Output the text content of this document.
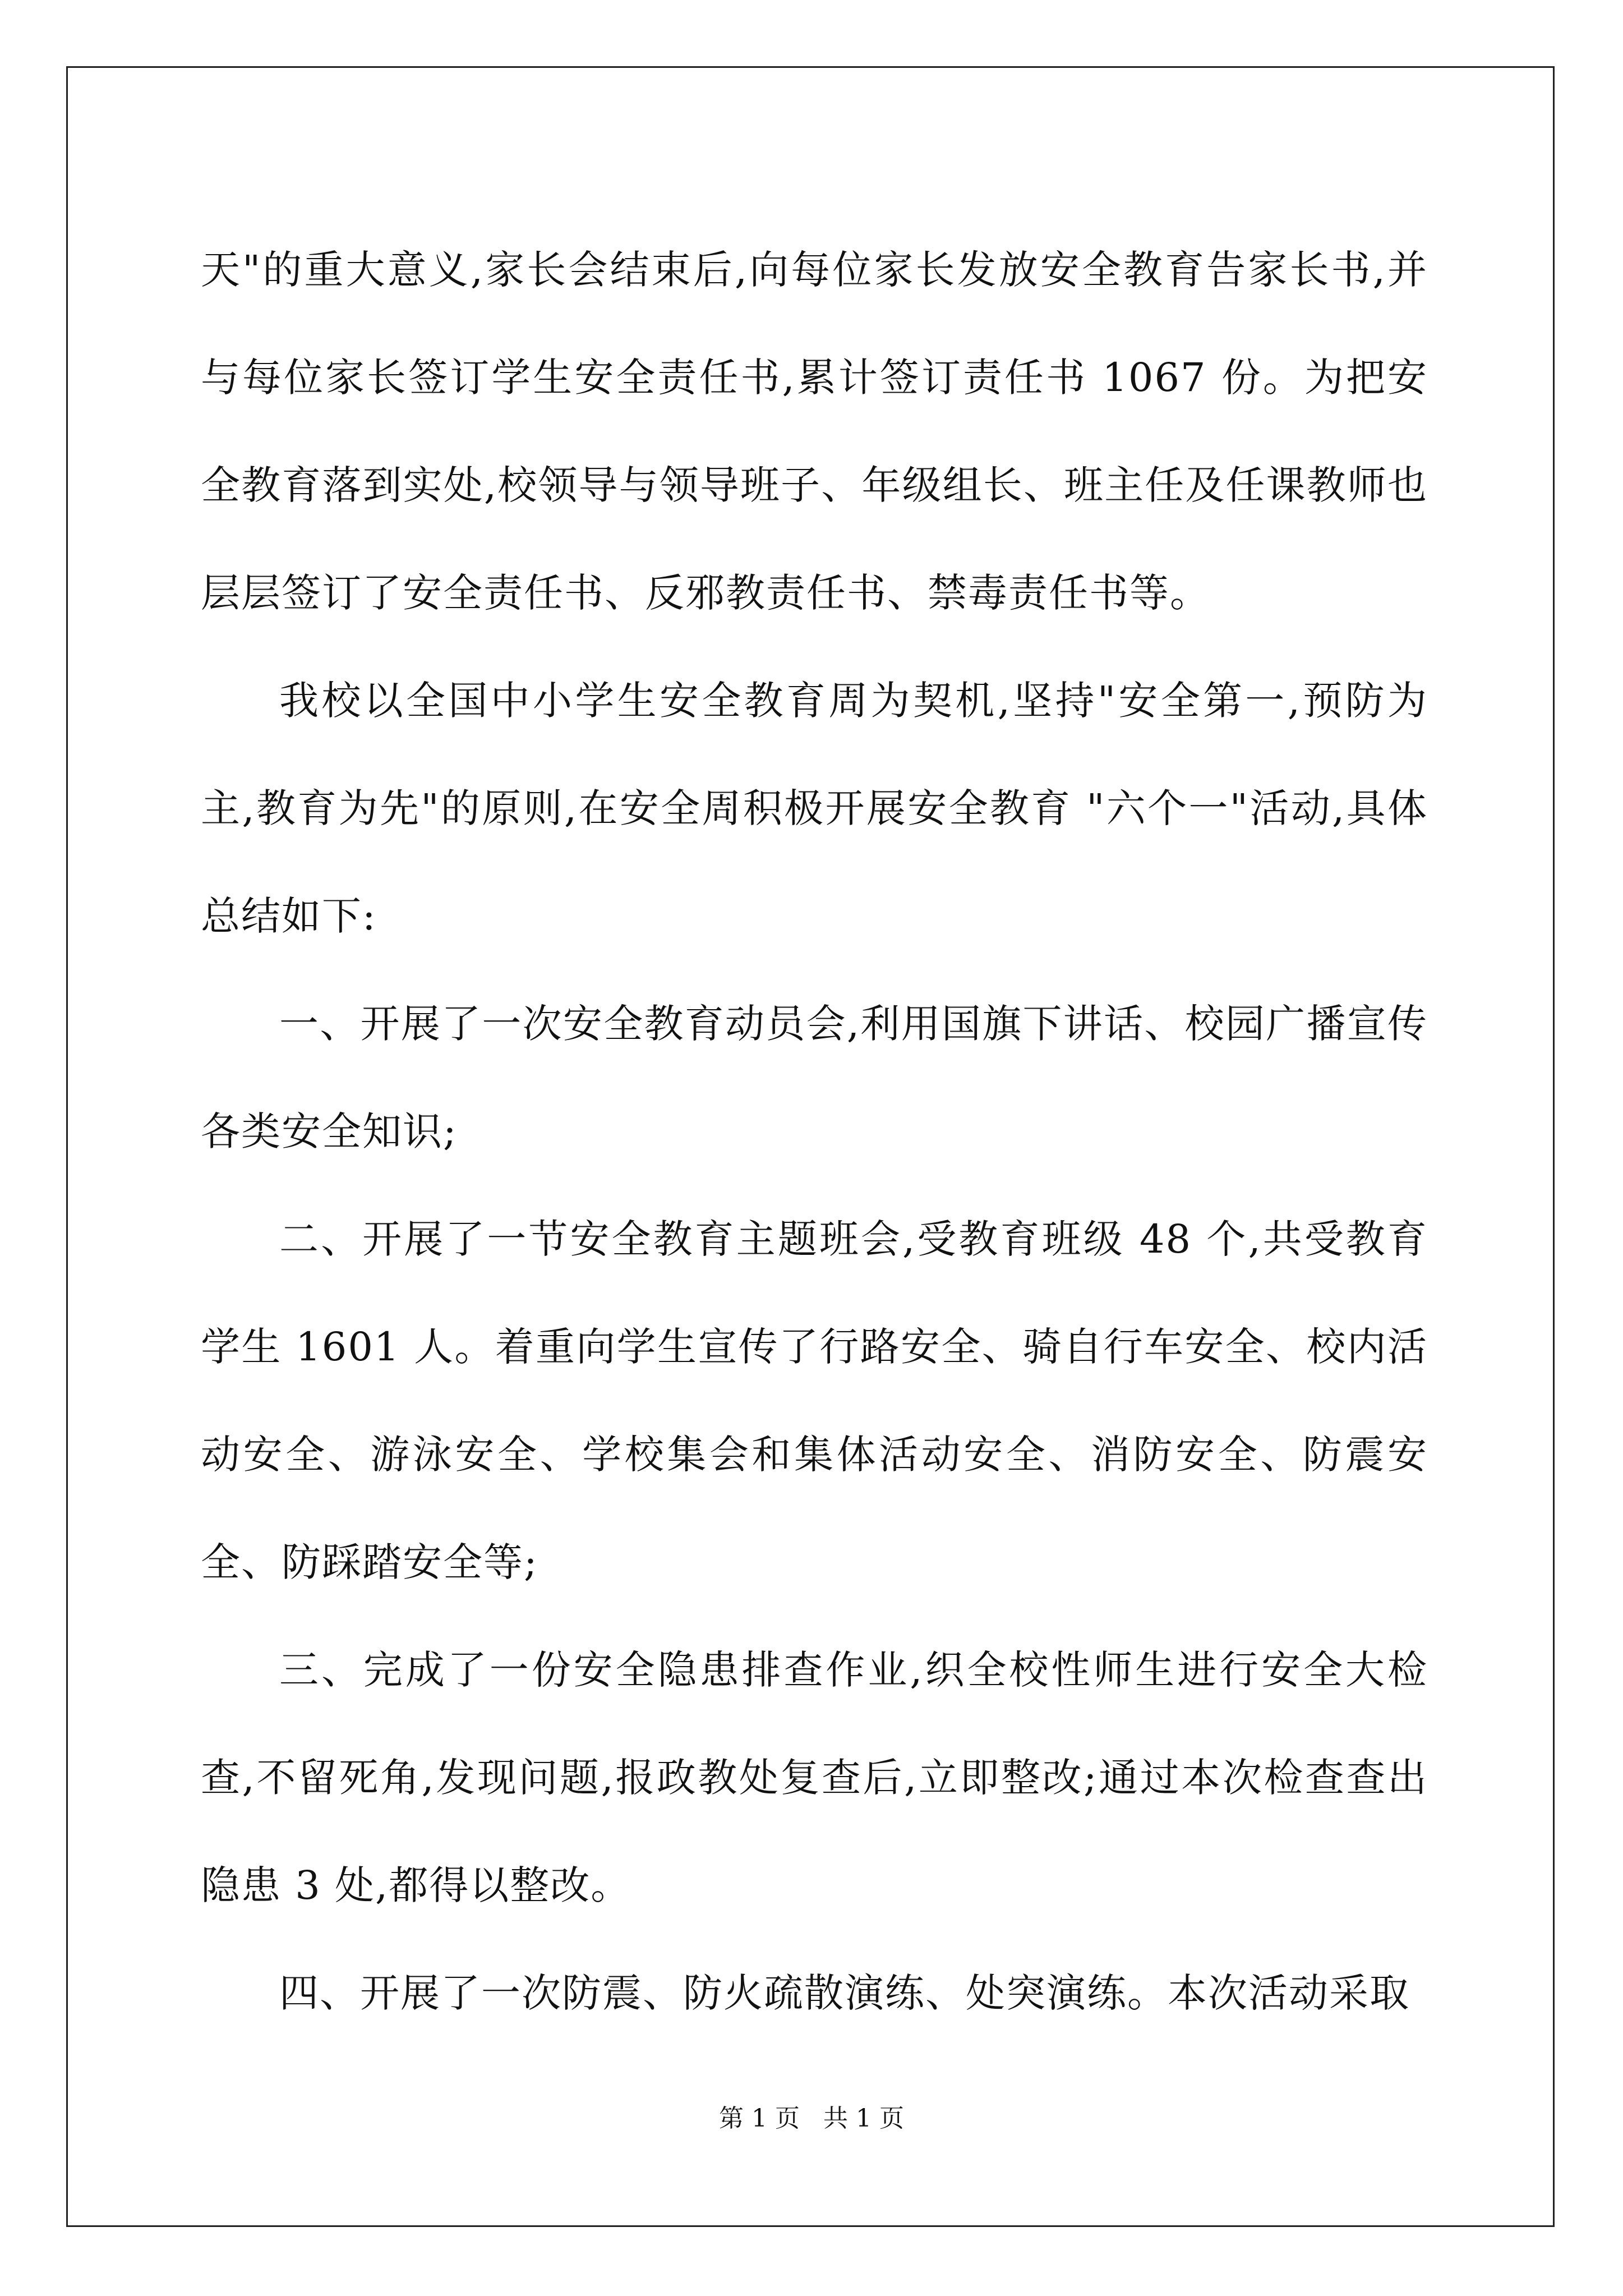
天"的重大意义,家长会结束后,向每位家长发放安全教育告家长书,并与每位家长签订学生安全责任书,累计签订责任书 1067 份。为把安全教育落到实处,校领导与领导班子、年级组长、班主任及任课教师也层层签订了安全责任书、反邪教责任书、禁毒责任书等。

我校以全国中小学生安全教育周为契机,坚持"安全第一,预防为主,教育为先"的原则,在安全周积极开展安全教育 "六个一"活动,具体总结如下:

一、开展了一次安全教育动员会,利用国旗下讲话、校园广播宣传各类安全知识;

二、开展了一节安全教育主题班会,受教育班级 48 个,共受教育学生 1601 人。着重向学生宣传了行路安全、骑自行车安全、校内活动安全、游泳安全、学校集会和集体活动安全、消防安全、防震安全、防踩踏安全等;

三、完成了一份安全隐患排查作业,织全校性师生进行安全大检查,不留死角,发现问题,报政教处复查后,立即整改;通过本次检查查出隐患 3 处,都得以整改。

四、开展了一次防震、防火疏散演练、处突演练。本次活动采取

第 1 页 共 1 页
